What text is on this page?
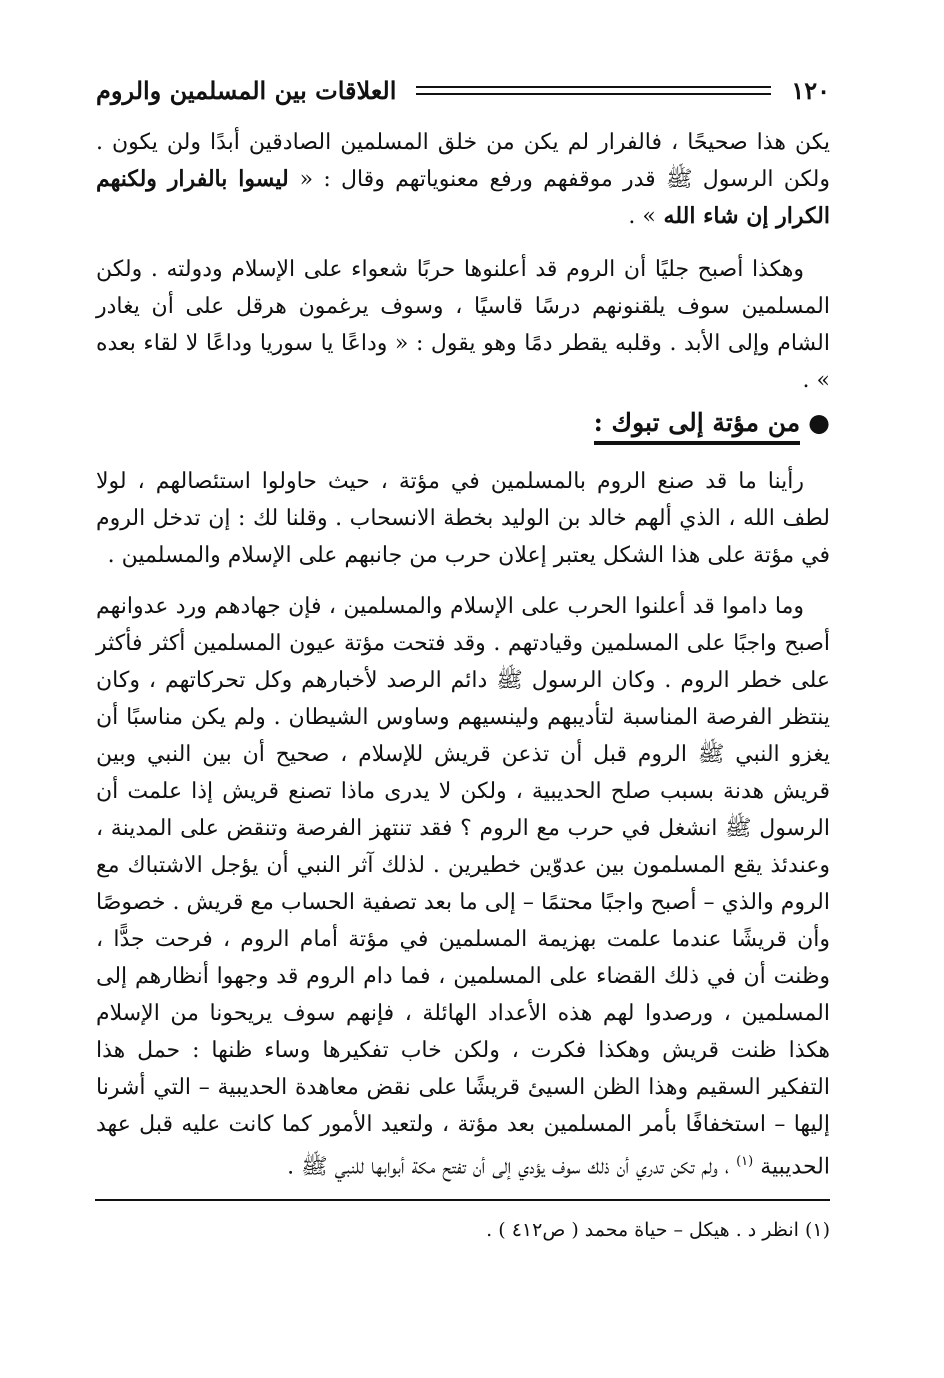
١٢٠
العلاقات بين المسلمين والروم

يكن هذا صحيحًا ، فالفرار لم يكن من خلق المسلمين الصادقين أبدًا ولن يكون . ولكن الرسول ﷺ قدر موقفهم ورفع معنوياتهم وقال : « ليسوا بالفرار ولكنهم الكرار إن شاء الله » .

وهكذا أصبح جليًا أن الروم قد أعلنوها حربًا شعواء على الإسلام ودولته . ولكن المسلمين سوف يلقنونهم درسًا قاسيًا ، وسوف يرغمون هرقل على أن يغادر الشام وإلى الأبد . وقلبه يقطر دمًا وهو يقول : « وداعًا يا سوريا وداعًا لا لقاء بعده » .

●من مؤتة إلى تبوك :

رأينا ما قد صنع الروم بالمسلمين في مؤتة ، حيث حاولوا استئصالهم ، لولا لطف الله ، الذي ألهم خالد بن الوليد بخطة الانسحاب . وقلنا لك : إن تدخل الروم في مؤتة على هذا الشكل يعتبر إعلان حرب من جانبهم على الإسلام والمسلمين .

وما داموا قد أعلنوا الحرب على الإسلام والمسلمين ، فإن جهادهم ورد عدوانهم أصبح واجبًا على المسلمين وقيادتهم . وقد فتحت مؤتة عيون المسلمين أكثر فأكثر على خطر الروم . وكان الرسول ﷺ دائم الرصد لأخبارهم وكل تحركاتهم ، وكان ينتظر الفرصة المناسبة لتأديبهم ولينسيهم وساوس الشيطان . ولم يكن مناسبًا أن يغزو النبي ﷺ الروم قبل أن تذعن قريش للإسلام ، صحيح أن بين النبي وبين قريش هدنة بسبب صلح الحديبية ، ولكن لا يدرى ماذا تصنع قريش إذا علمت أن الرسول ﷺ انشغل في حرب مع الروم ؟ فقد تنتهز الفرصة وتنقض على المدينة ، وعندئذ يقع المسلمون بين عدوّين خطيرين . لذلك آثر النبي أن يؤجل الاشتباك مع الروم والذي – أصبح واجبًا محتمًا – إلى ما بعد تصفية الحساب مع قريش . خصوصًا وأن قريشًا عندما علمت بهزيمة المسلمين في مؤتة أمام الروم ، فرحت جدًّا ، وظنت أن في ذلك القضاء على المسلمين ، فما دام الروم قد وجهوا أنظارهم إلى المسلمين ، ورصدوا لهم هذه الأعداد الهائلة ، فإنهم سوف يريحونا من الإسلام هكذا ظنت قريش وهكذا فكرت ، ولكن خاب تفكيرها وساء ظنها : حمل هذا التفكير السقيم وهذا الظن السيئ قريشًا على نقض معاهدة الحديبية – التي أشرنا إليها – استخفافًا بأمر المسلمين بعد مؤتة ، ولتعيد الأمور كما كانت عليه قبل عهد الحديبية $^{(١)}$ ، ولم تكن تدري أن ذلك سوف يؤدي إلى أن تفتح مكة أبوابها للنبي ﷺ .

(١) انظر د . هيكل – حياة محمد ( ص٤١٢ ) .
